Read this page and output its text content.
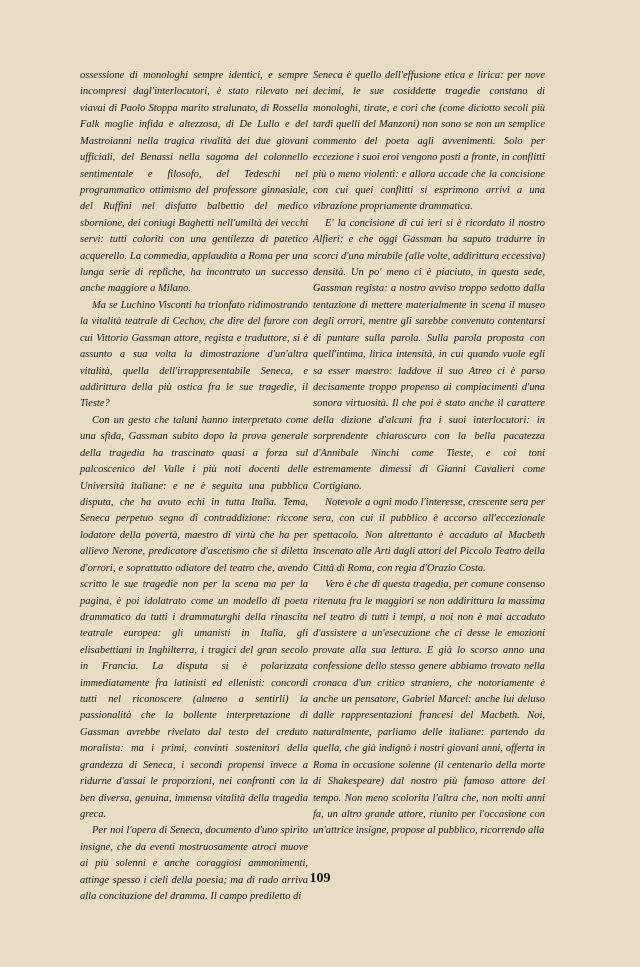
ossessione di monologhi sempre identici, e sempre incompresi dagl'interlocutori, è stato rilevato nei viavai di Paolo Stoppa marito stralunato, di Rossella Falk moglie infida e altezzosa, di De Lullo e del Mastroianni nella tragica rivalità dei due giovani ufficiali, del Benassi nella sagoma del colonnello sentimentale e filosofo, del Tedeschi nel programmatico ottimismo del professore ginnasiale, del Ruffini nel disfatto balbettio del medico sbornione, dei coniugi Baghetti nell'umiltà dei vecchi servi: tutti coloriti con una gentilezza di patetico acquerello. La commedia, applaudita a Roma per una lunga serie di repliche, ha incontrato un successo anche maggiore a Milano.

Ma se Luchino Visconti ha trionfato ridimostrando la vitalità teatrale di Cechov, che dire del furore con cui Vittorio Gassman attore, regista e traduttore, si è assunto a sua volta la dimostrazione d'un'altra vitalità, quella dell'irrappresentabile Seneca, e addirittura della più ostica fra le sue tragedie, il Tieste?

Con un gesto che taluni hanno interpretato come una sfida, Gassman subito dopo la prova generale della tragedia ha trascinato quasi a forza sul palcoscenico del Valle i più noti docenti delle Università italiane: e ne è seguita una pubblica disputa, che ha avuto echi in tutta Italia. Tema, Seneca perpetuo segno di contraddizione: riccone lodatore della povertà, maestro di virtù che ha per allievo Nerone, predicatore d'ascetismo che si diletta d'orrori, e soprattutto odiatore del teatro che, avendo scritto le sue tragedie non per la scena ma per la pagina, è poi idolatrato come un modello di poeta drammatico da tutti i drammaturghi della rinascita teatrale europea: gli umanisti in Italia, gli elisabettiani in Inghilterra, i tragici del gran secolo in Francia. La disputa si è polarizzata immediatamente fra latinisti ed ellenisti: concordi tutti nel riconoscere (almeno a sentirli) la passionalità che la bollente interpretazione di Gassman avrebbe rivelato dal testo del creduto moralista: ma i primi, convinti sostenitori della grandezza di Seneca, i secondi propensi invece a ridurne d'assai le proporzioni, nei confronti con la ben diversa, genuina, immensa vitalità della tragedia greca.

Per noi l'opera di Seneca, documento d'uno spirito insigne, che da eventi mostruosamente atroci muove ai più solenni e anche coraggiosi ammonimenti, attinge spesso i cieli della poesia; ma di rado arriva alla concitazione del dramma. Il campo prediletto di

Seneca è quello dell'effusione etica e lirica: per nove decimi, le sue cosiddette tragedie constano di monologhi, tirate, e cori che (come diciotto secoli più tardi quelli del Manzoni) non sono se non un semplice commento del poeta agli avvenimenti. Solo per eccezione i suoi eroi vengono posti a fronte, in conflitti più o meno violenti: e allora accade che la concisione con cui quei conflitti si esprimono arrivi a una vibrazione propriamente drammatica.

E' la concisione di cui ieri si è ricordato il nostro Alfieri; e che oggi Gassman ha saputo tradurre in scorci d'una mirabile (alle volte, addirittura eccessiva) densità. Un po' meno ci è piaciuto, in questa sede, Gassman regista: a nostro avviso troppo sedotto dalla tentazione di mettere materialmente in scena il museo degli orrori, mentre gli sarebbe convenuto contentarsi di puntare sulla parola. Sulla parola proposta con quell'intima, lirica intensità, in cui quando vuole egli sa esser maestro: laddove il suo Atreo ci è parso decisamente troppo propenso ai compiacimenti d'una sonora virtuosità. Il che poi è stato anche il carattere della dizione d'alcuni fra i suoi interlocutori: in sorprendente chiaroscuro con la bella pacatezza d'Annibale Ninchi come Tieste, e coi toni estremamente dimessi di Gianni Cavalieri come Cortigiano.

Notevole a ogni modo l'interesse, crescente sera per sera, con cui il pubblico è accorso all'eccezionale spettacolo. Non altrettanto è accaduto al Macbeth inscenato alle Arti dagli attori del Piccolo Teatro della Città di Roma, con regia d'Orazio Costa.

Vero è che di questa tragedia, per comune consenso ritenuta fra le maggiori se non addirittura la massima nel teatro di tutti i tempi, a noi non è mai accaduto d'assistere a un'esecuzione che ci desse le emozioni provate alla sua lettura. E già lo scorso anno una confessione dello stesso genere abbiamo trovato nella cronaca d'un critico straniero, che notoriamente è anche un pensatore, Gabriel Marcel: anche lui deluso dalle rappresentazioni francesi del Macbeth. Noi, naturalmente, parliamo delle italiane: partendo da quella, che già indignò i nostri giovani anni, offerta in Roma in occasione solenne (il centenario della morte di Shakespeare) dal nostro più famoso attore del tempo. Non meno scolorita l'altra che, non molti anni fa, un altro grande attore, riunito per l'occasione con un'attrice insigne, propose al pubblico, ricorrendo alla

109
